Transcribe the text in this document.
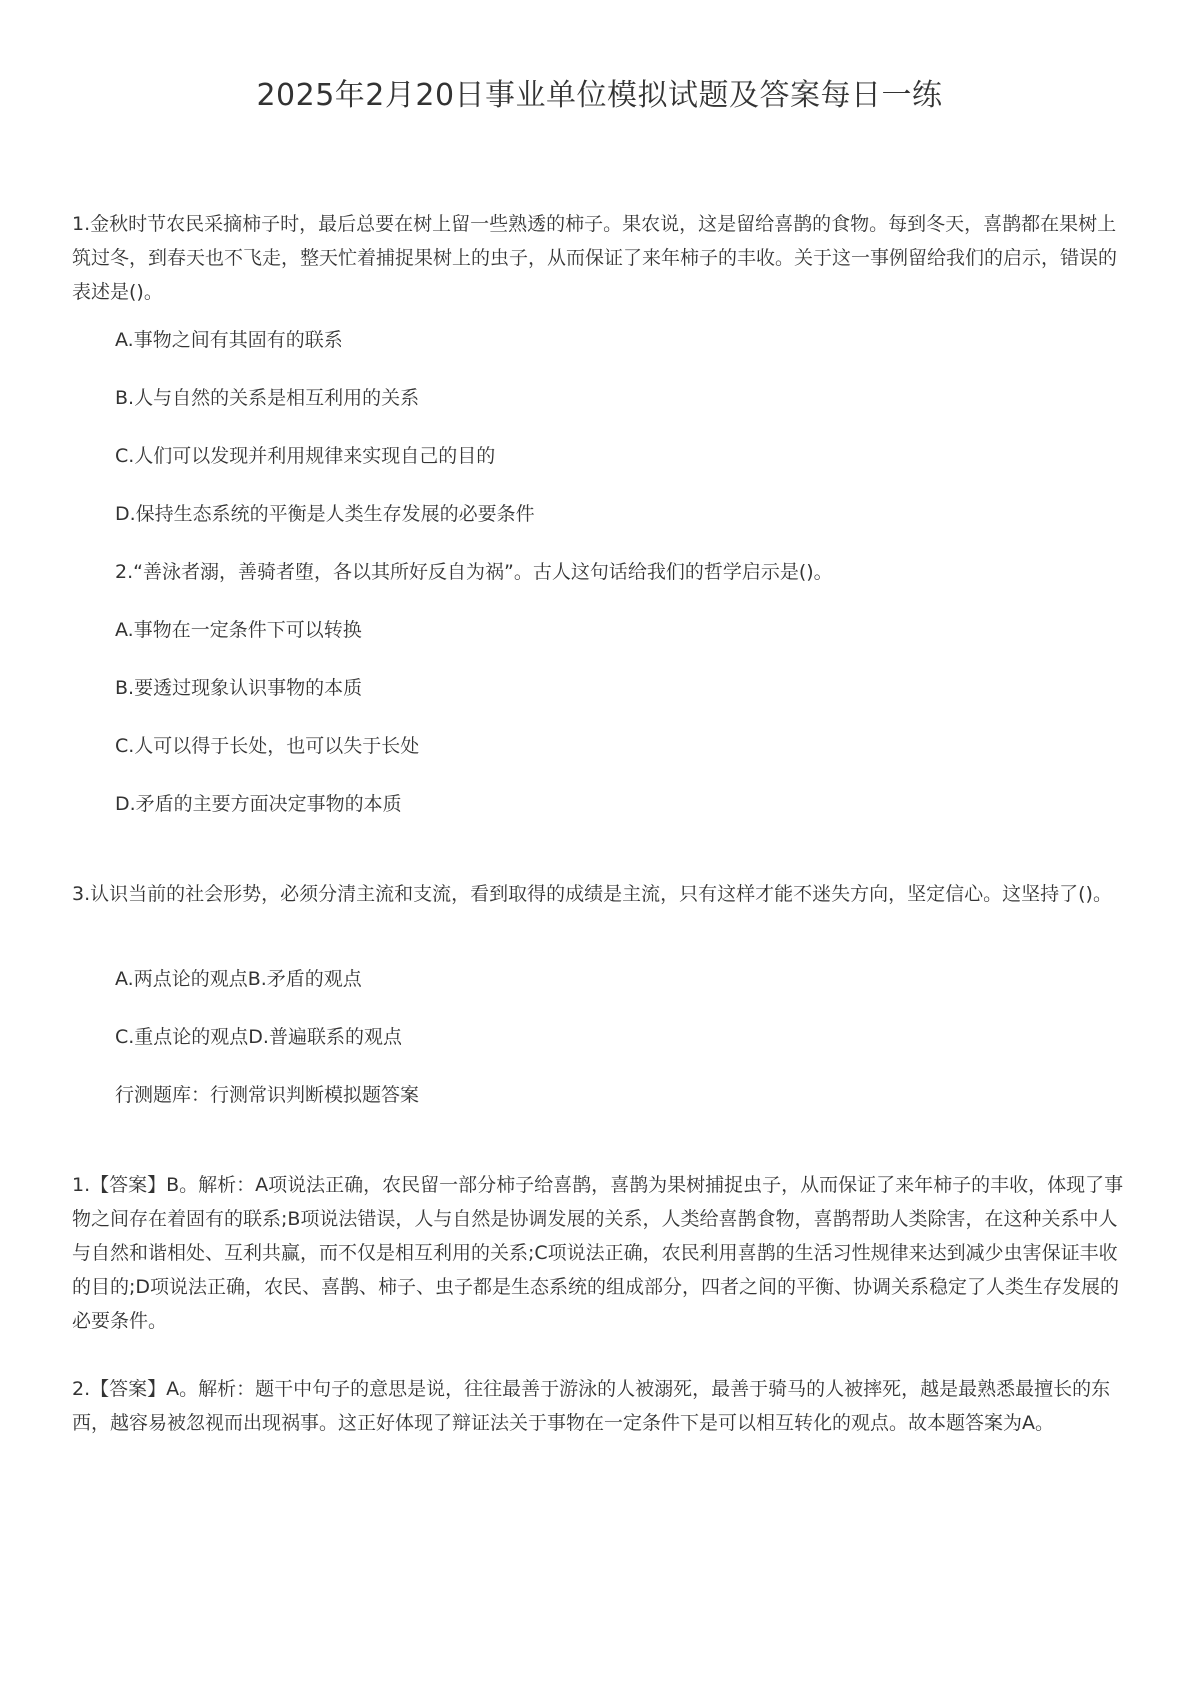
2025年2月20日事业单位模拟试题及答案每日一练
1.金秋时节农民采摘柿子时，最后总要在树上留一些熟透的柿子。果农说，这是留给喜鹊的食物。每到冬天，喜鹊都在果树上筑过冬，到春天也不飞走，整天忙着捕捉果树上的虫子，从而保证了来年柿子的丰收。关于这一事例留给我们的启示，错误的表述是()。
A.事物之间有其固有的联系
B.人与自然的关系是相互利用的关系
C.人们可以发现并利用规律来实现自己的目的
D.保持生态系统的平衡是人类生存发展的必要条件
2.“善泳者溺，善骑者堕，各以其所好反自为祸”。古人这句话给我们的哲学启示是()。
A.事物在一定条件下可以转换
B.要透过现象认识事物的本质
C.人可以得于长处，也可以失于长处
D.矛盾的主要方面决定事物的本质
3.认识当前的社会形势，必须分清主流和支流，看到取得的成绩是主流，只有这样才能不迷失方向，坚定信心。这坚持了()。
A.两点论的观点B.矛盾的观点
C.重点论的观点D.普遍联系的观点
行测题库：行测常识判断模拟题答案
1.【答案】B。解析：A项说法正确，农民留一部分柿子给喜鹊，喜鹊为果树捕捉虫子，从而保证了来年柿子的丰收，体现了事物之间存在着固有的联系;B项说法错误，人与自然是协调发展的关系，人类给喜鹊食物，喜鹊帮助人类除害，在这种关系中人与自然和谐相处、互利共赢，而不仅是相互利用的关系;C项说法正确，农民利用喜鹊的生活习性规律来达到减少虫害保证丰收的目的;D项说法正确，农民、喜鹊、柿子、虫子都是生态系统的组成部分，四者之间的平衡、协调关系稳定了人类生存发展的必要条件。
2.【答案】A。解析：题干中句子的意思是说，往往最善于游泳的人被溺死，最善于骑马的人被摔死，越是最熟悉最擅长的东西，越容易被忽视而出现祸事。这正好体现了辩证法关于事物在一定条件下是可以相互转化的观点。故本题答案为A。
